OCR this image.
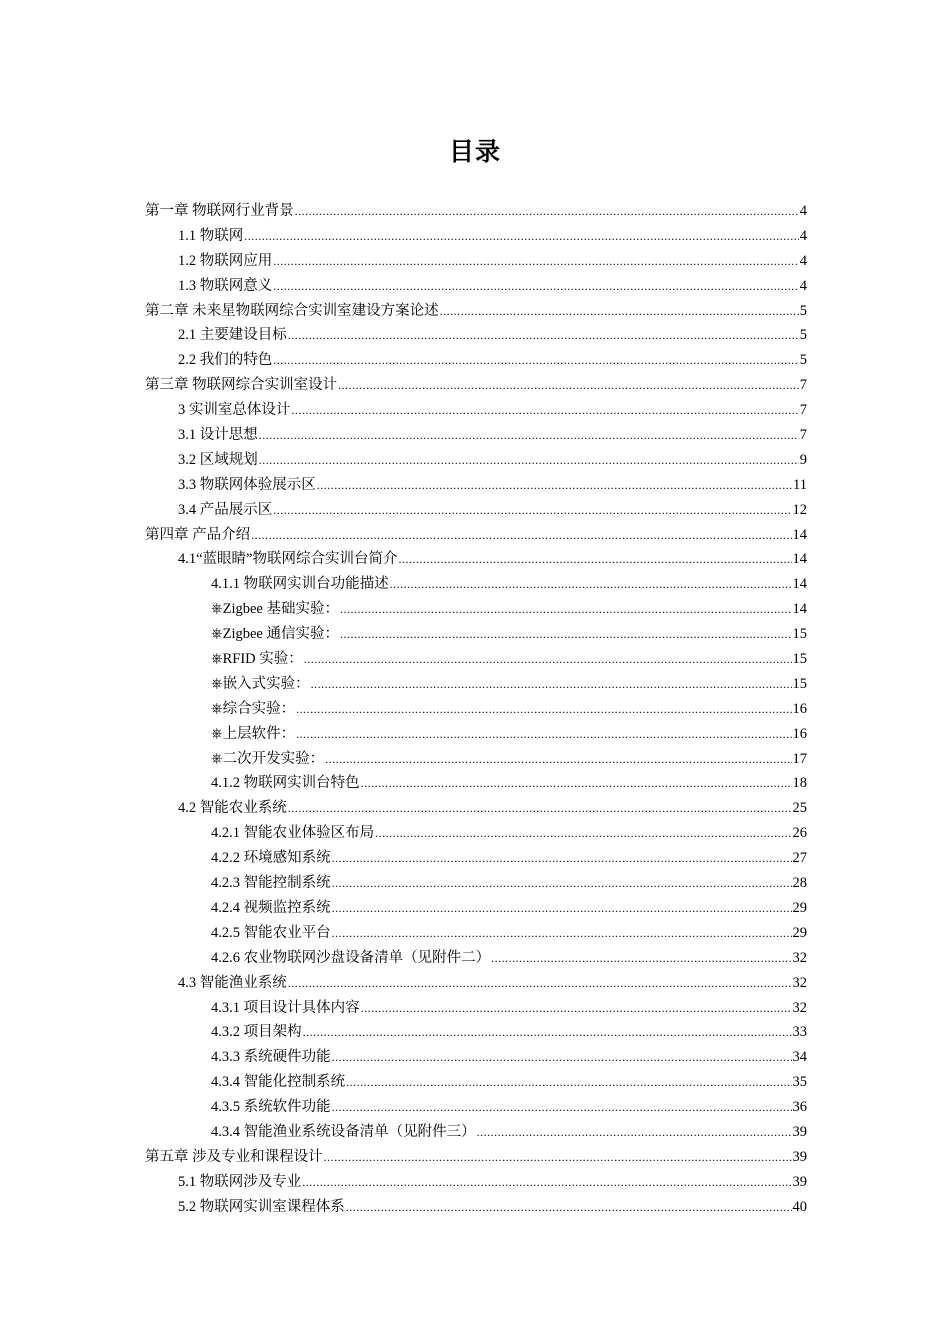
目录
第一章 物联网行业背景 .....	4
1.1 物联网 .....	4
1.2 物联网应用 .....	4
1.3 物联网意义 .....	4
第二章 未来星物联网综合实训室建设方案论述 .....	5
2.1 主要建设目标 .....	5
2.2 我们的特色 .....	5
第三章 物联网综合实训室设计 .....	7
3 实训室总体设计 .....	7
3.1 设计思想 .....	7
3.2 区域规划 .....	9
3.3 物联网体验展示区 .....	11
3.4 产品展示区 .....	12
第四章 产品介绍 .....	14
4.1“蓝眼睛”物联网综合实训台简介 .....	14
4.1.1 物联网实训台功能描述 .....	14
⎈Zigbee 基础实验： .....	14
⎈Zigbee 通信实验： .....	15
⎈RFID 实验： .....	15
⎈嵌入式实验： .....	15
⎈综合实验： .....	16
⎈上层软件： .....	16
⎈二次开发实验： .....	17
4.1.2 物联网实训台特色 .....	18
4.2 智能农业系统 .....	25
4.2.1 智能农业体验区布局 .....	26
4.2.2 环境感知系统 .....	27
4.2.3 智能控制系统 .....	28
4.2.4 视频监控系统 .....	29
4.2.5 智能农业平台 .....	29
4.2.6 农业物联网沙盘设备清单（见附件二） .....	32
4.3 智能渔业系统 .....	32
4.3.1 项目设计具体内容 .....	32
4.3.2 项目架构 .....	33
4.3.3 系统硬件功能 .....	34
4.3.4 智能化控制系统 .....	35
4.3.5 系统软件功能 .....	36
4.3.4 智能渔业系统设备清单（见附件三） .....	39
第五章 涉及专业和课程设计 .....	39
5.1 物联网涉及专业 .....	39
5.2 物联网实训室课程体系 .....	40
